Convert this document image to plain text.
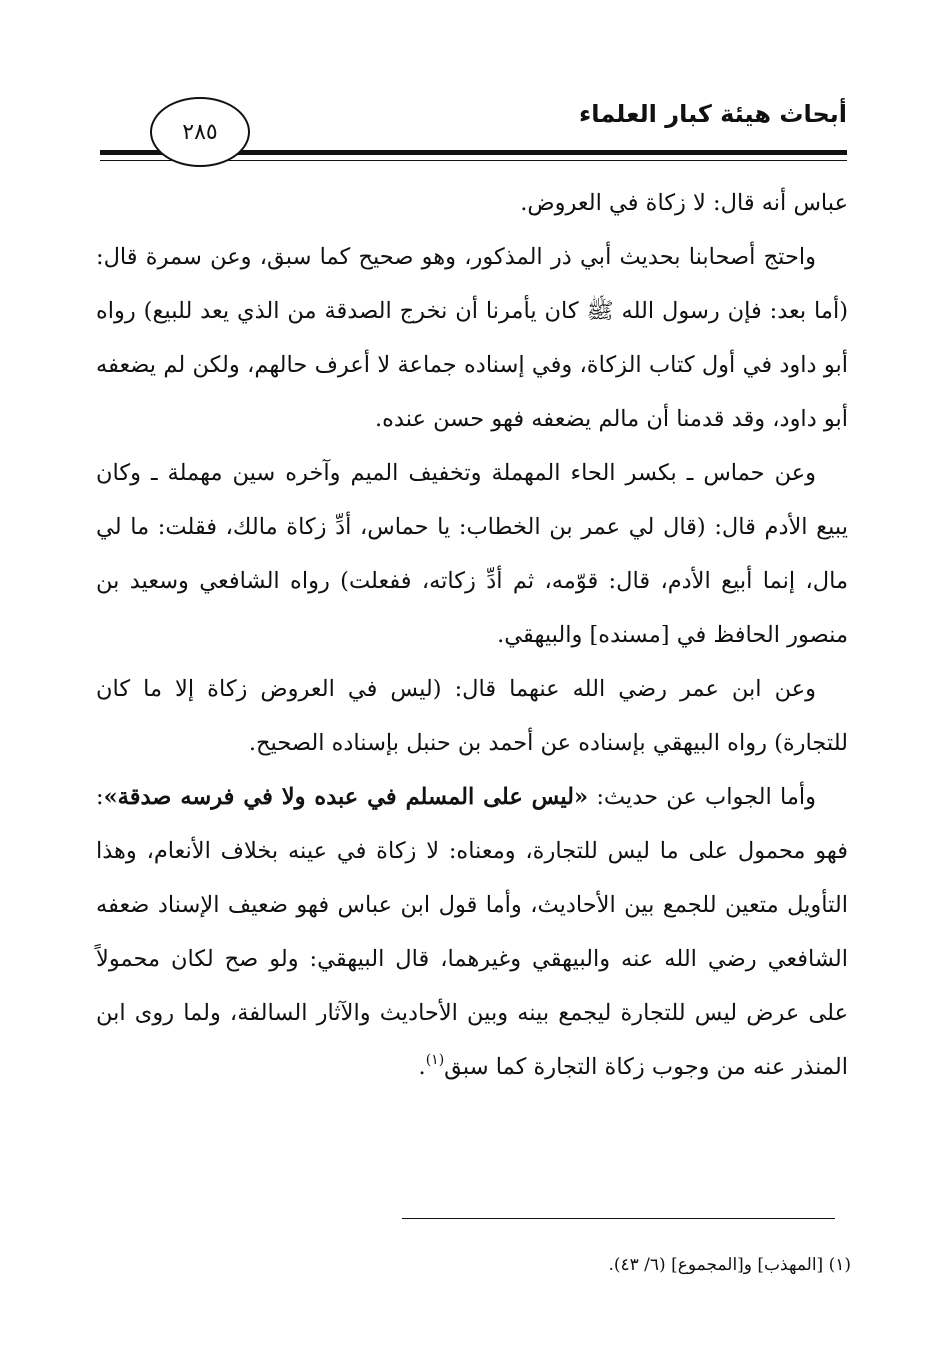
أبحاث هيئة كبار العلماء
٢٨٥

عباس أنه قال: لا زكاة في العروض.

واحتج أصحابنا بحديث أبي ذر المذكور، وهو صحيح كما سبق، وعن سمرة قال: (أما بعد: فإن رسول الله ﷺ كان يأمرنا أن نخرج الصدقة من الذي يعد للبيع) رواه أبو داود في أول كتاب الزكاة، وفي إسناده جماعة لا أعرف حالهم، ولكن لم يضعفه أبو داود، وقد قدمنا أن مالم يضعفه فهو حسن عنده.

وعن حماس ـ بكسر الحاء المهملة وتخفيف الميم وآخره سين مهملة ـ وكان يبيع الأدم قال: (قال لي عمر بن الخطاب: يا حماس، أدِّ زكاة مالك، فقلت: ما لي مال، إنما أبيع الأدم، قال: قوّمه، ثم أدِّ زكاته، ففعلت) رواه الشافعي وسعيد بن منصور الحافظ في [مسنده] والبيهقي.

وعن ابن عمر رضي الله عنهما قال: (ليس في العروض زكاة إلا ما كان للتجارة) رواه البيهقي بإسناده عن أحمد بن حنبل بإسناده الصحيح.

وأما الجواب عن حديث: «ليس على المسلم في عبده ولا في فرسه صدقة»: فهو محمول على ما ليس للتجارة، ومعناه: لا زكاة في عينه بخلاف الأنعام، وهذا التأويل متعين للجمع بين الأحاديث، وأما قول ابن عباس فهو ضعيف الإسناد ضعفه الشافعي رضي الله عنه والبيهقي وغيرهما، قال البيهقي: ولو صح لكان محمولاً على عرض ليس للتجارة ليجمع بينه وبين الأحاديث والآثار السالفة، ولما روى ابن المنذر عنه من وجوب زكاة التجارة كما سبق$^{(١)}$.

(١) [المهذب] و[المجموع] (٦/ ٤٣).
